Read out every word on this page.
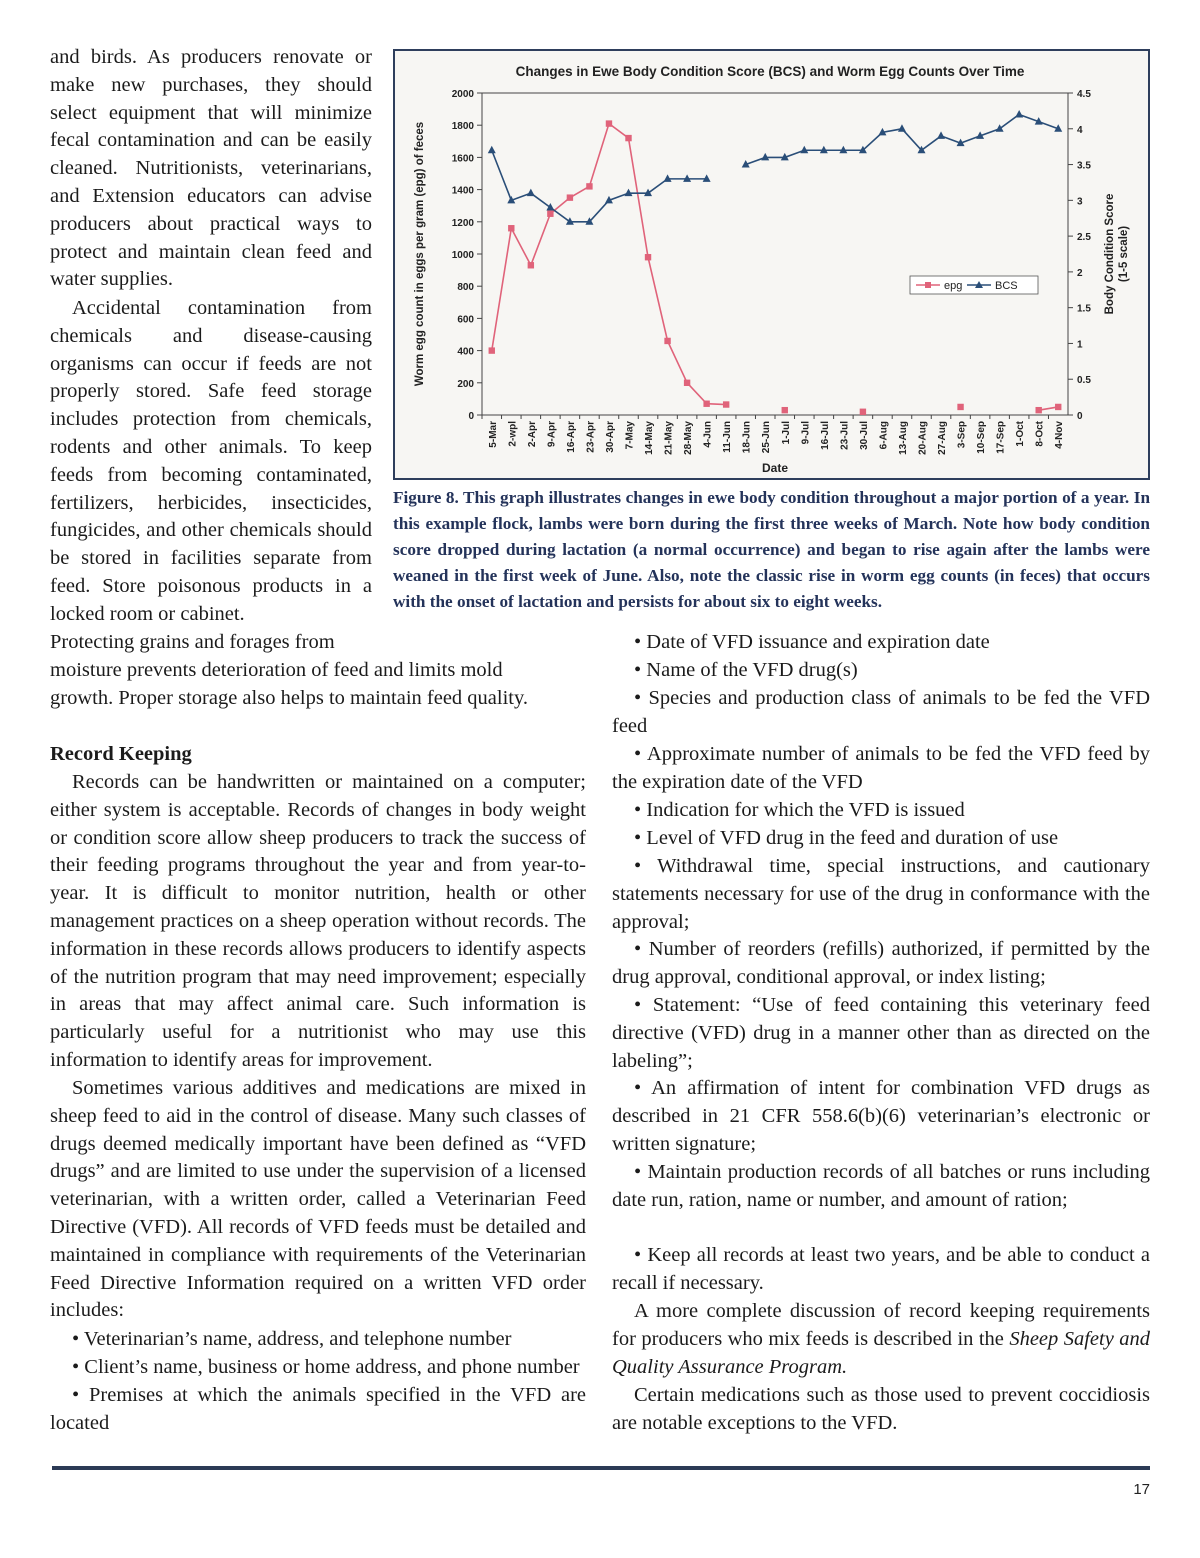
and birds. As producers renovate or make new purchases, they should select equipment that will minimize fecal contamination and can be easily cleaned. Nutritionists, veterinarians, and Extension educators can advise producers about practical ways to protect and maintain clean feed and water supplies.

Accidental contamination from chemicals and disease-causing organisms can occur if feeds are not properly stored. Safe feed storage includes protection from chemicals, rodents and other animals. To keep feeds from becoming contaminated, fertilizers, herbicides, insecticides, fungicides, and other chemicals should be stored in facilities separate from feed. Store poisonous products in a locked room or cabinet.

Protecting grains and forages from

moisture prevents deterioration of feed and limits mold

growth. Proper storage also helps to maintain feed quality.

Record Keeping

Records can be handwritten or maintained on a computer; either system is acceptable. Records of changes in body weight or condition score allow sheep producers to track the success of their feeding programs throughout the year and from year-to-year. It is difficult to monitor nutrition, health or other management practices on a sheep operation without records. The information in these records allows producers to identify aspects of the nutrition program that may need improvement; especially in areas that may affect animal care. Such information is particularly useful for a nutritionist who may use this information to identify areas for improvement.

Sometimes various additives and medications are mixed in sheep feed to aid in the control of disease. Many such classes of drugs deemed medically important have been defined as “VFD drugs” and are limited to use under the supervision of a licensed veterinarian, with a written order, called a Veterinarian Feed Directive (VFD). All records of VFD feeds must be detailed and maintained in compliance with requirements of the Veterinarian Feed Directive Information required on a written VFD order includes:

• Veterinarian’s name, address, and telephone number

• Client’s name, business or home address, and phone number

• Premises at which the animals specified in the VFD are located

Changes in Ewe Body Condition Score (BCS) and Worm Egg Counts Over Time
0
200
400
600
800
1000
1200
1400
1600
1800
2000
0
0.5
1
1.5
2
2.5
3
3.5
4
4.5
5-Mar 2-wpl 2-Apr 9-Apr 16-Apr 23-Apr 30-Apr 7-May 14-May 21-May 28-May 4-Jun 11-Jun 18-Jun 25-Jun 1-Jul 9-Jul 16-Jul 23-Jul 30-Jul 6-Aug 13-Aug 20-Aug 27-Aug 3-Sep 10-Sep 17-Sep 1-Oct 8-Oct 4-Nov
Worm egg count in eggs per gram (epg) of feces	Body Condition Score (1-5 scale)
Date
epg	BCS

Figure 8. This graph illustrates changes in ewe body condition throughout a major portion of a year. In this example flock, lambs were born during the first three weeks of March. Note how body condition score dropped during lactation (a normal occurrence) and began to rise again after the lambs were weaned in the first week of June. Also, note the classic rise in worm egg counts (in feces) that occurs with the onset of lactation and persists for about six to eight weeks.

• Date of VFD issuance and expiration date

• Name of the VFD drug(s)

• Species and production class of animals to be fed the VFD feed

• Approximate number of animals to be fed the VFD feed by the expiration date of the VFD

• Indication for which the VFD is issued

• Level of VFD drug in the feed and duration of use

• Withdrawal time, special instructions, and cautionary statements necessary for use of the drug in conformance with the approval;

• Number of reorders (refills) authorized, if permitted by the drug approval, conditional approval, or index listing;

• Statement: “Use of feed containing this veterinary feed directive (VFD) drug in a manner other than as directed on the labeling”;

• An affirmation of intent for combination VFD drugs as described in 21 CFR 558.6(b)(6) veterinarian’s electronic or written signature;

• Maintain production records of all batches or runs including date run, ration, name or number, and amount of ration;

• Keep all records at least two years, and be able to conduct a recall if necessary.

A more complete discussion of record keeping requirements for producers who mix feeds is described in the Sheep Safety and Quality Assurance Program.

Certain medications such as those used to prevent coccidiosis are notable exceptions to the VFD.

17
